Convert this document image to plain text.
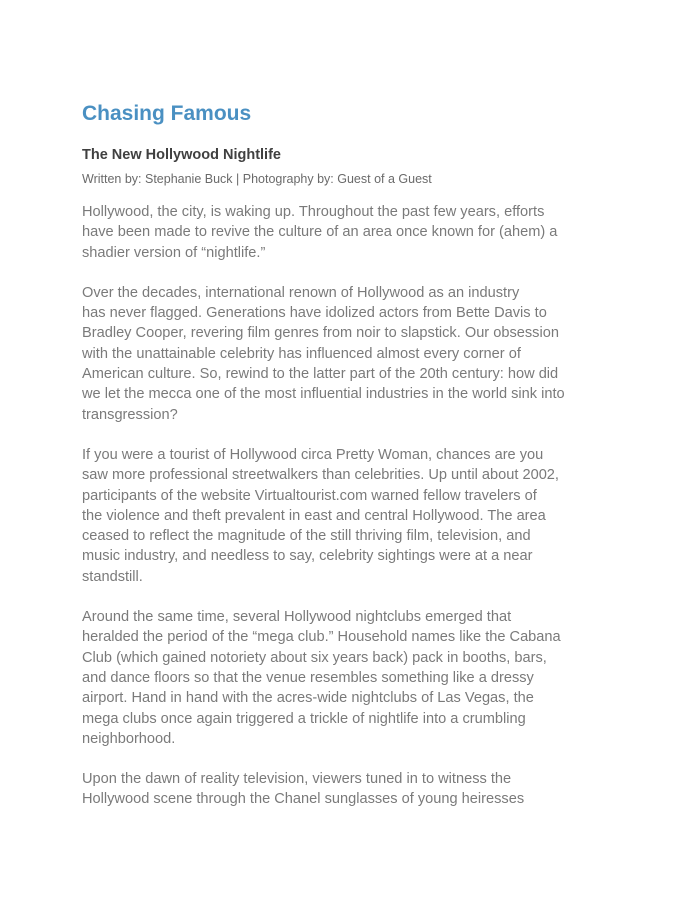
Chasing Famous
The New Hollywood Nightlife
Written by: Stephanie Buck | Photography by: Guest of a Guest

Hollywood, the city, is waking up. Throughout the past few years, efforts
have been made to revive the culture of an area once known for (ahem) a
shadier version of “nightlife.”

Over the decades, international renown of Hollywood as an industry
has never flagged. Generations have idolized actors from Bette Davis to
Bradley Cooper, revering film genres from noir to slapstick. Our obsession
with the unattainable celebrity has influenced almost every corner of
American culture. So, rewind to the latter part of the 20th century: how did
we let the mecca one of the most influential industries in the world sink into
transgression?

If you were a tourist of Hollywood circa Pretty Woman, chances are you
saw more professional streetwalkers than celebrities. Up until about 2002,
participants of the website Virtualtourist.com warned fellow travelers of
the violence and theft prevalent in east and central Hollywood. The area
ceased to reflect the magnitude of the still thriving film, television, and
music industry, and needless to say, celebrity sightings were at a near
standstill.

Around the same time, several Hollywood nightclubs emerged that
heralded the period of the “mega club.” Household names like the Cabana
Club (which gained notoriety about six years back) pack in booths, bars,
and dance floors so that the venue resembles something like a dressy
airport. Hand in hand with the acres-wide nightclubs of Las Vegas, the
mega clubs once again triggered a trickle of nightlife into a crumbling
neighborhood.

Upon the dawn of reality television, viewers tuned in to witness the
Hollywood scene through the Chanel sunglasses of young heiresses
